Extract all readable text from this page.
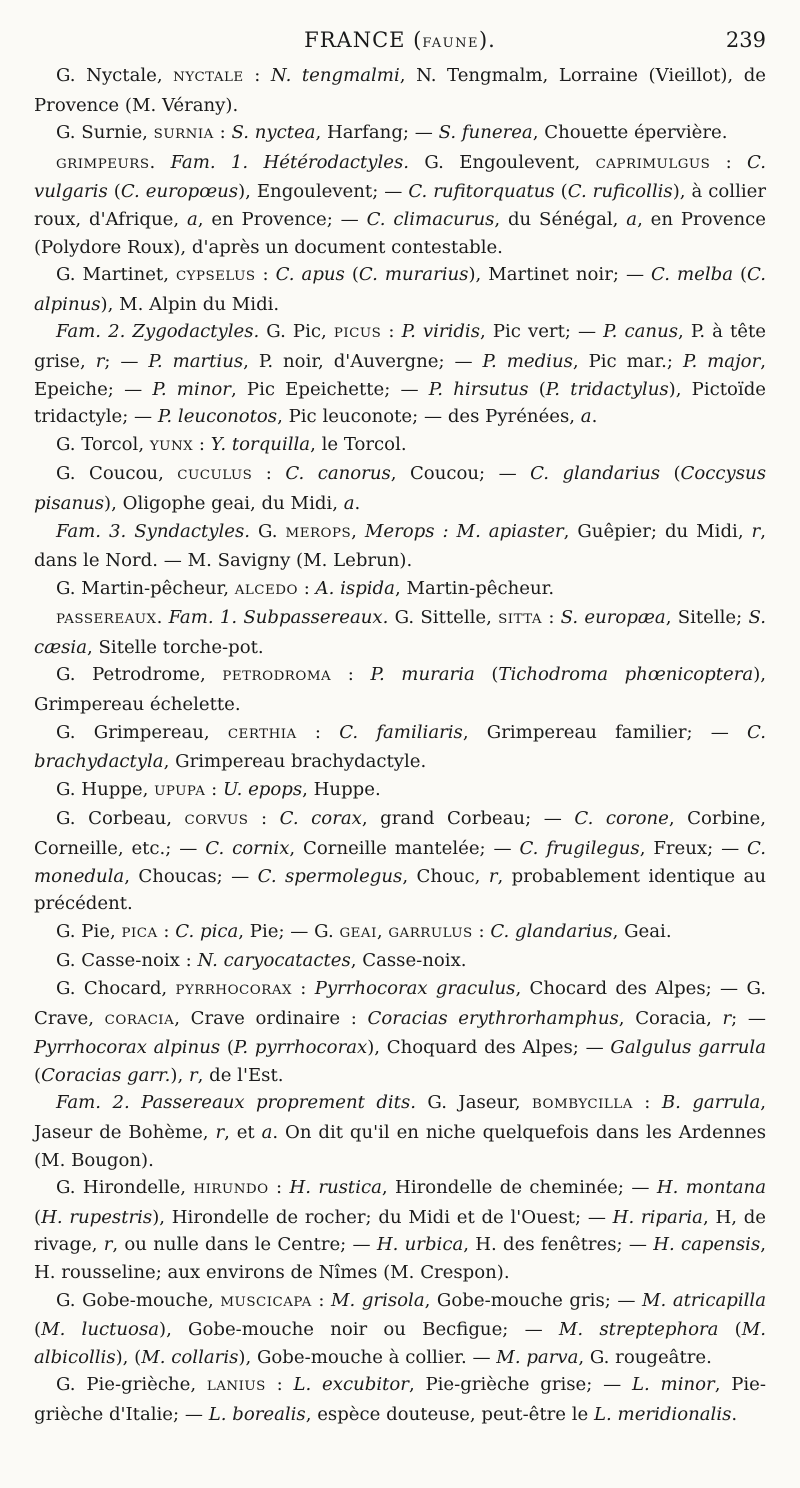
FRANCE (FAUNE).	239

G. Nyctale, NYCTALE : N. tengmalmi, N. Tengmalm, Lorraine (Vieillot), de Provence (M. Vérany).

G. Surnie, SURNIA : S. nyctea, Harfang; — S. funerea, Chouette épervière.

GRIMPEURS. Fam. 1. Hétérodactyles. G. Engoulevent, CAPRIMULGUS : C. vulgaris (C. europœus), Engoulevent; — C. rufitorquatus (C. ruficollis), à collier roux, d'Afrique, a, en Provence; — C. climacurus, du Sénégal, a, en Provence (Polydore Roux), d'après un document contestable.

G. Martinet, CYPSELUS : C. apus (C. murarius), Martinet noir; — C. melba (C. alpinus), M. Alpin du Midi.

Fam. 2. Zygodactyles. G. Pic, PICUS : P. viridis, Pic vert; — P. canus, P. à tête grise, r; — P. martius, P. noir, d'Auvergne; — P. medius, Pic mar.; P. major, Epeiche; — P. minor, Pic Epeichette; — P. hirsutus (P. tridactylus), Pictoïde tridactyle; — P. leuconotos, Pic leuconote; — des Pyrénées, a.

G. Torcol, YUNX : Y. torquilla, le Torcol.

G. Coucou, CUCULUS : C. canorus, Coucou; — C. glandarius (Coccysus pisanus), Oligophe geai, du Midi, a.

Fam. 3. Syndactyles. G. MEROPS, Merops : M. apiaster, Guêpier; du Midi, r, dans le Nord. — M. Savigny (M. Lebrun).

G. Martin-pêcheur, ALCEDO : A. ispida, Martin-pêcheur.

PASSEREAUX. Fam. 1. Subpassereaux. G. Sittelle, SITTA : S. europæa, Sitelle; S. cæsia, Sitelle torche-pot.

G. Petrodrome, PETRODROMA : P. muraria (Tichodroma phœnicoptera), Grimpereau échelette.

G. Grimpereau, CERTHIA : C. familiaris, Grimpereau familier; — C. brachydactyla, Grimpereau brachydactyle.

G. Huppe, UPUPA : U. epops, Huppe.

G. Corbeau, CORVUS : C. corax, grand Corbeau; — C. corone, Corbine, Corneille, etc.; — C. cornix, Corneille mantelée; — C. frugilegus, Freux; — C. monedula, Choucas; — C. spermolegus, Chouc, r, probablement identique au précédent.

G. Pie, PICA : C. pica, Pie; — G. GEAI, GARRULUS : C. glandarius, Geai.

G. Casse-noix : N. caryocatactes, Casse-noix.

G. Chocard, PYRRHOCORAX : Pyrrhocorax graculus, Chocard des Alpes; — G. Crave, CORACIA, Crave ordinaire : Coracias erythrorhamphus, Coracia, r; — Pyrrhocorax alpinus (P. pyrrhocorax), Choquard des Alpes; — Galgulus garrula (Coracias garr.), r, de l'Est.

Fam. 2. Passereaux proprement dits. G. Jaseur, BOMBYCILLA : B. garrula, Jaseur de Bohème, r, et a. On dit qu'il en niche quelquefois dans les Ardennes (M. Bougon).

G. Hirondelle, HIRUNDO : H. rustica, Hirondelle de cheminée; — H. montana (H. rupestris), Hirondelle de rocher; du Midi et de l'Ouest; — H. riparia, H, de rivage, r, ou nulle dans le Centre; — H. urbica, H. des fenêtres; — H. capensis, H. rousseline; aux environs de Nîmes (M. Crespon).

G. Gobe-mouche, MUSCICAPA : M. grisola, Gobe-mouche gris; — M. atricapilla (M. luctuosa), Gobe-mouche noir ou Becfigue; — M. streptephora (M. albicollis), (M. collaris), Gobe-mouche à collier. — M. parva, G. rougeâtre.

G. Pie-grièche, LANIUS : L. excubitor, Pie-grièche grise; — L. minor, Pie-grièche d'Italie; — L. borealis, espèce douteuse, peut-être le L. meridionalis.
